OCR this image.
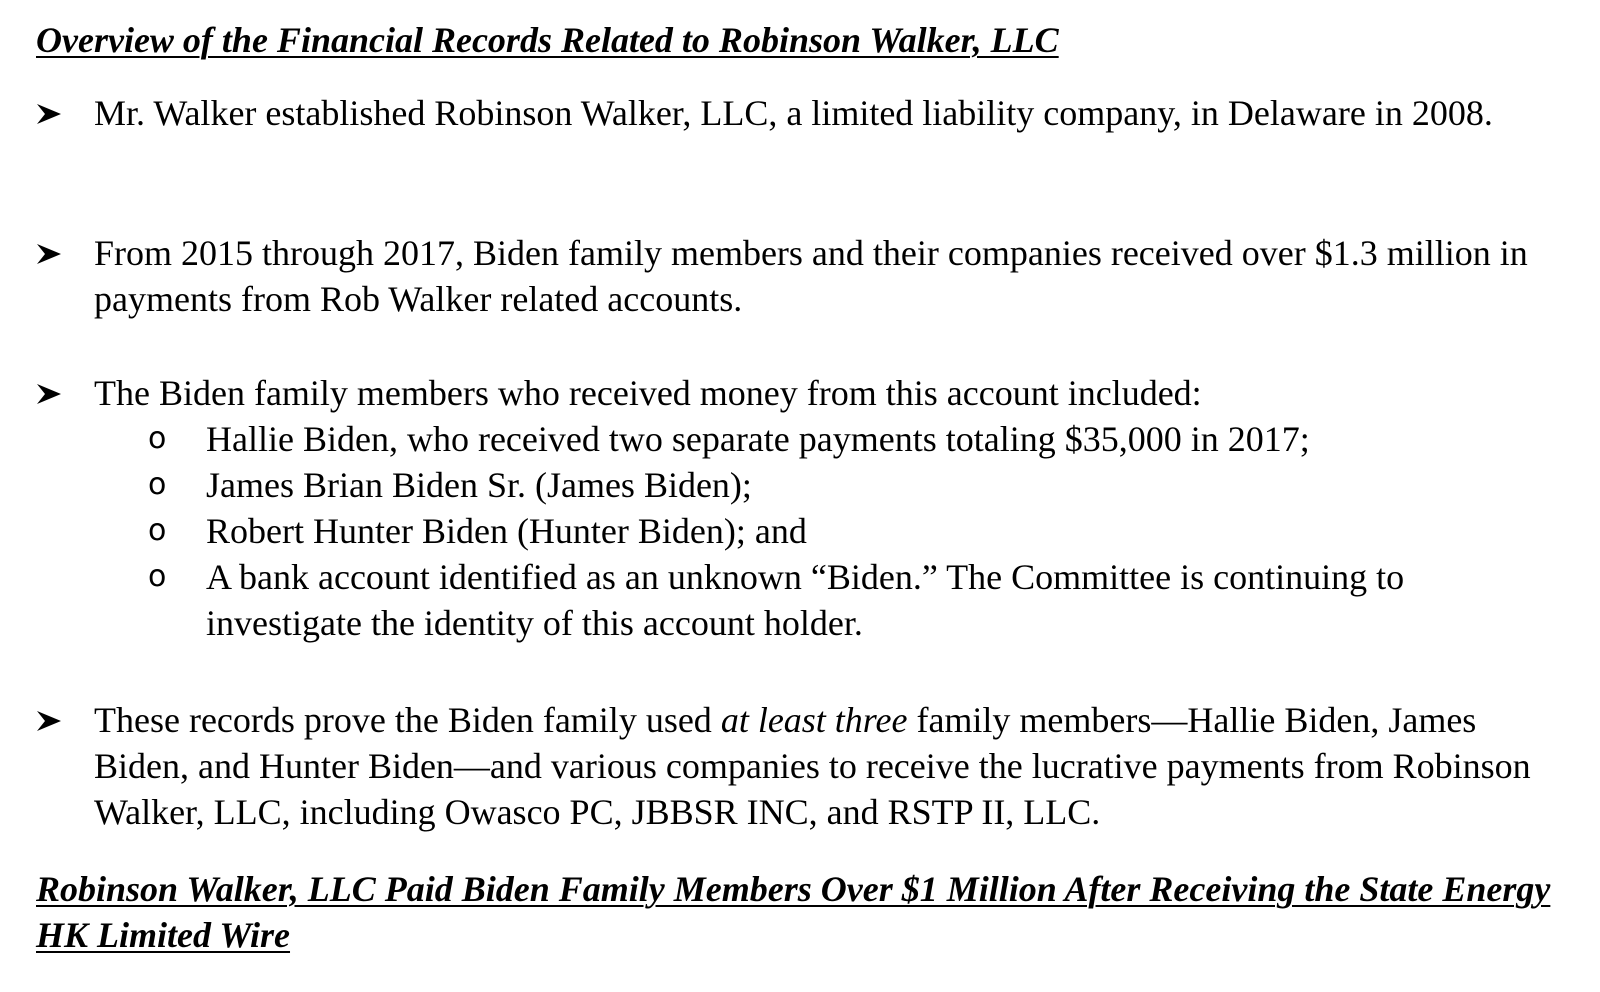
Overview of the Financial Records Related to Robinson Walker, LLC
Mr. Walker established Robinson Walker, LLC, a limited liability company, in Delaware in 2008.
From 2015 through 2017, Biden family members and their companies received over $1.3 million in payments from Rob Walker related accounts.
The Biden family members who received money from this account included:
o Hallie Biden, who received two separate payments totaling $35,000 in 2017;
o James Brian Biden Sr. (James Biden);
o Robert Hunter Biden (Hunter Biden); and
o A bank account identified as an unknown “Biden.” The Committee is continuing to investigate the identity of this account holder.
These records prove the Biden family used at least three family members—Hallie Biden, James Biden, and Hunter Biden—and various companies to receive the lucrative payments from Robinson Walker, LLC, including Owasco PC, JBBSR INC, and RSTP II, LLC.
Robinson Walker, LLC Paid Biden Family Members Over $1 Million After Receiving the State Energy HK Limited Wire
